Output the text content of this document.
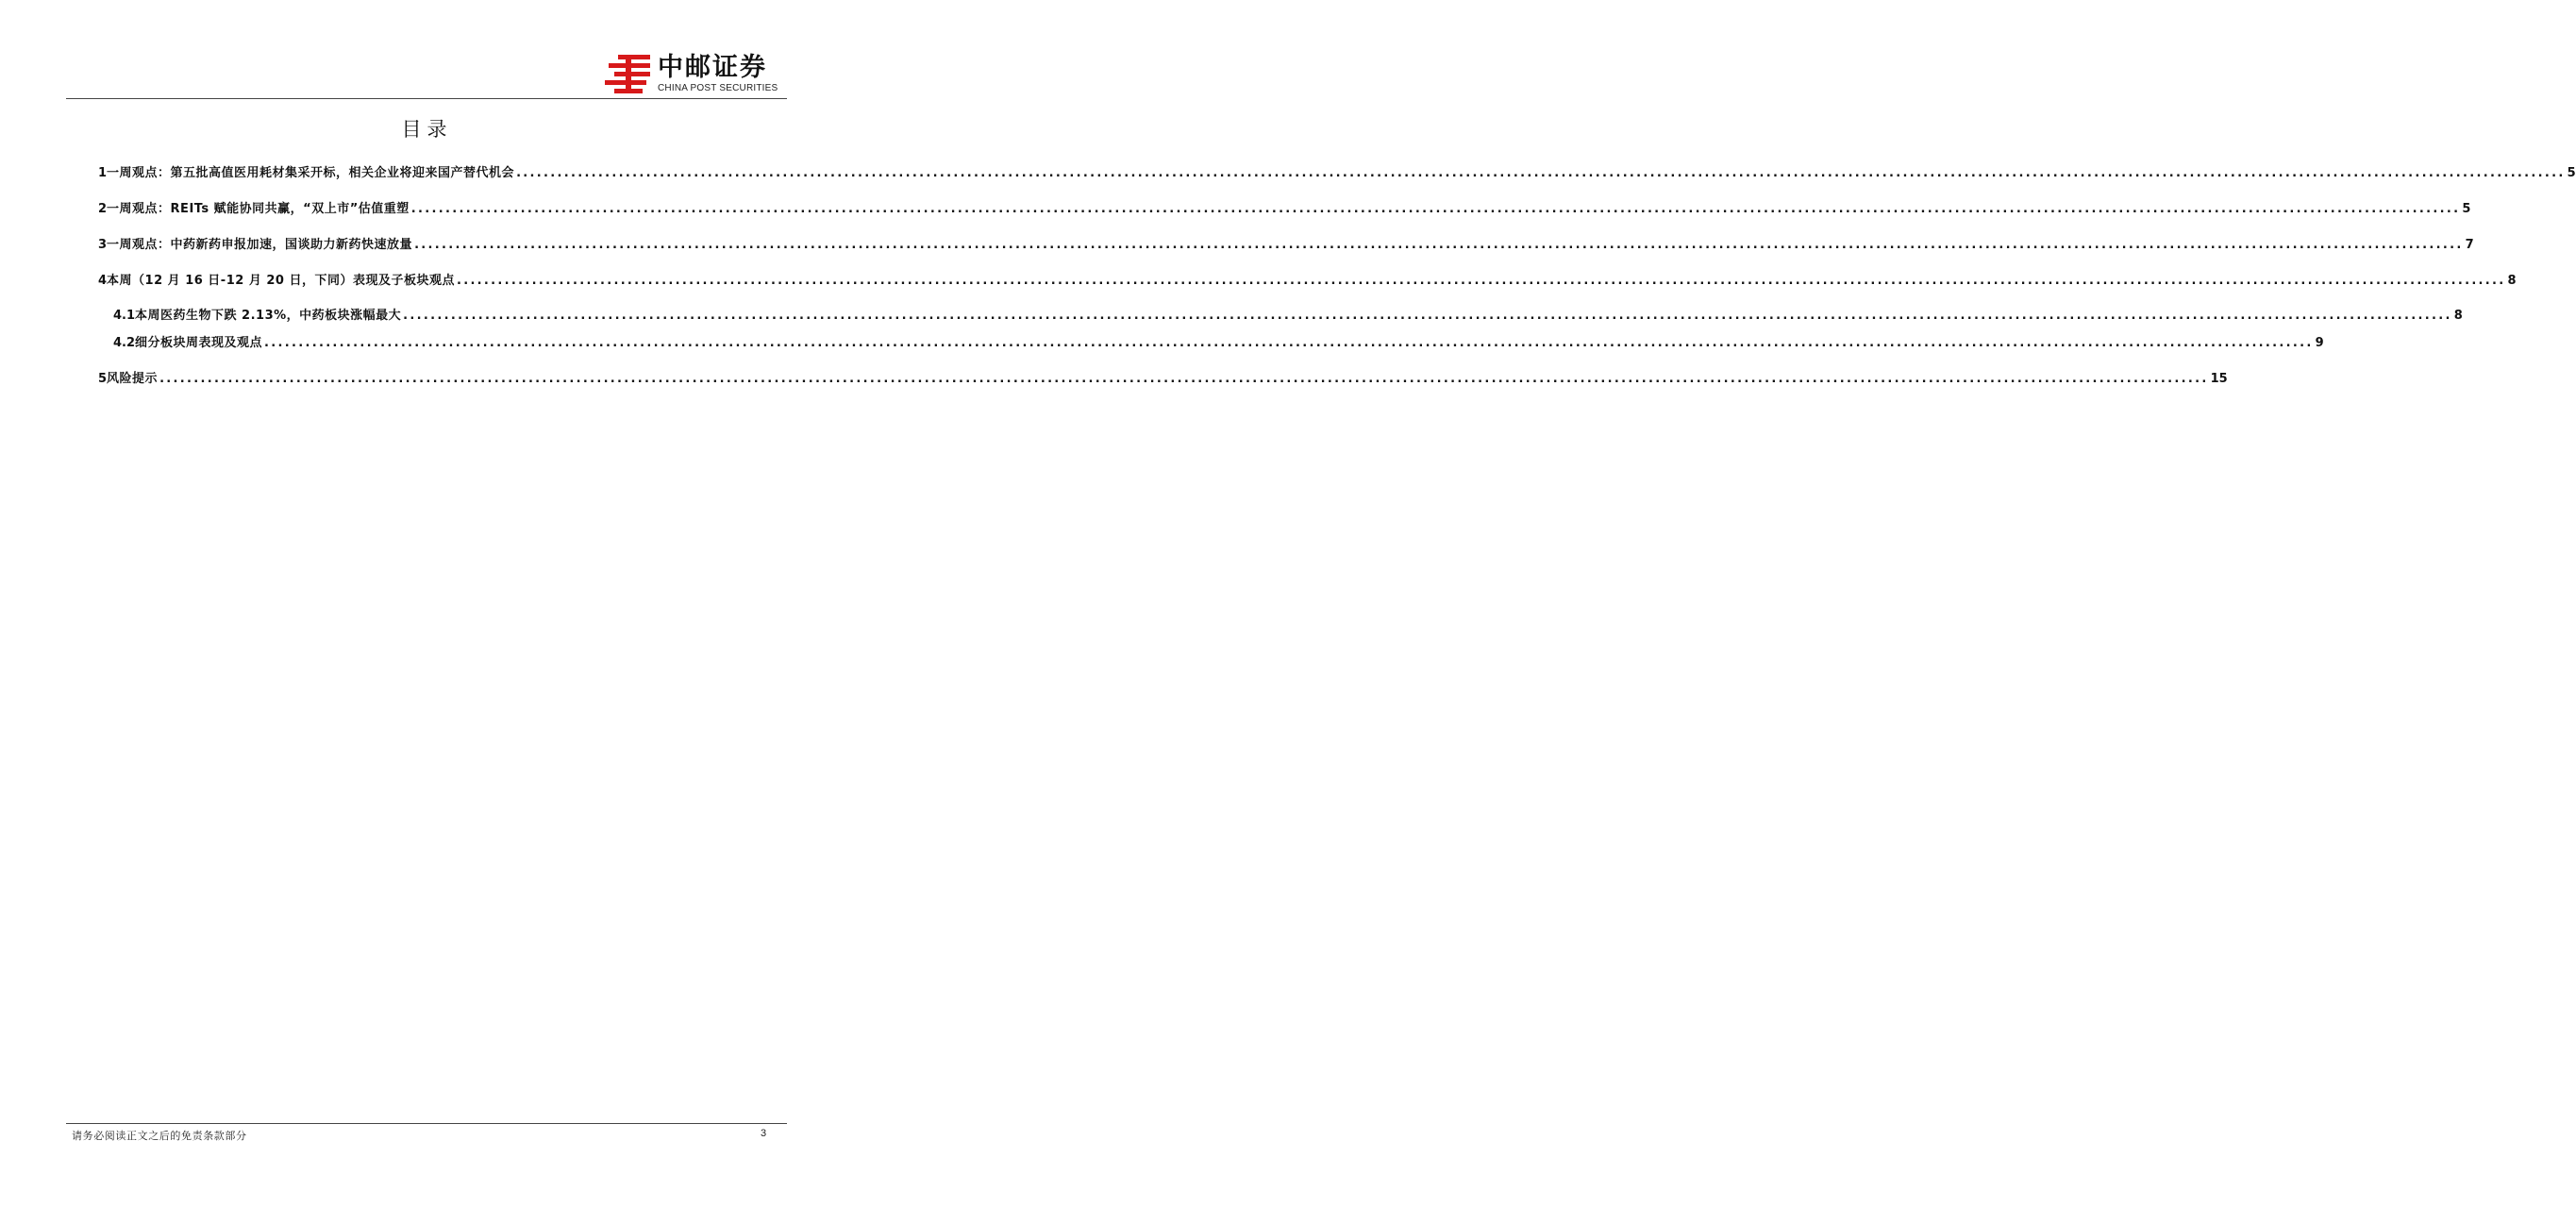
中邮证券
CHINA POST SECURITIES
目录
1 一周观点：第五批高值医用耗材集采开标，相关企业将迎来国产替代机会 ............................................................................................................................................................................................................................................................................................................ 5
2 一周观点：REITs 赋能协同共赢，“双上市”估值重塑 ............................................................................................................................................................................................................................................................................................................ 5
3 一周观点：中药新药申报加速，国谈助力新药快速放量 ............................................................................................................................................................................................................................................................................................................ 7
4 本周（12 月 16 日-12 月 20 日，下同）表现及子板块观点 ............................................................................................................................................................................................................................................................................................................ 8
4.1 本周医药生物下跌 2.13%，中药板块涨幅最大 ............................................................................................................................................................................................................................................................................................................ 8
4.2 细分板块周表现及观点 ............................................................................................................................................................................................................................................................................................................ 9
5 风险提示 ............................................................................................................................................................................................................................................................................................................ 15
请务必阅读正文之后的免责条款部分	3
